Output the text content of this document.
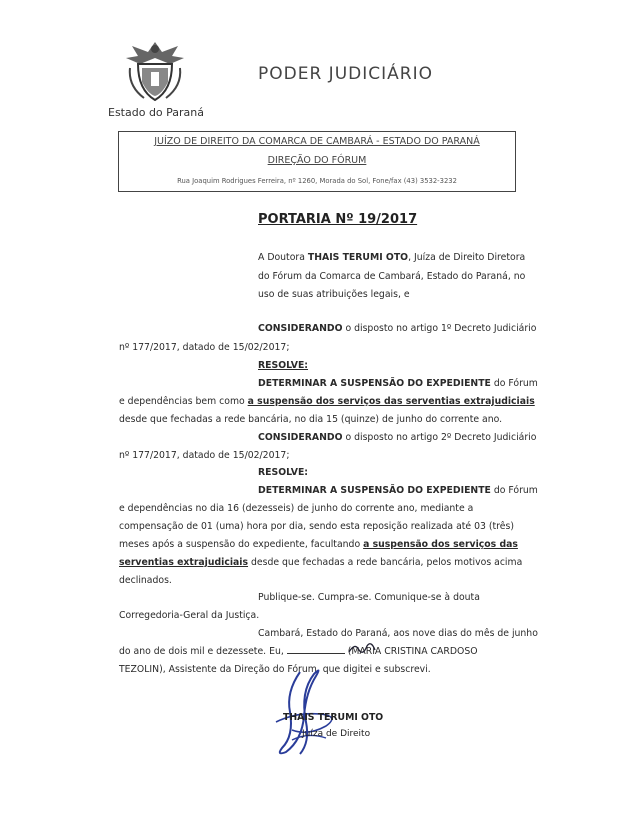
Estado do Paraná
PODER JUDICIÁRIO
JUÍZO DE DIREITO DA COMARCA DE CAMBARÁ - ESTADO DO PARANÁ
DIREÇÃO DO FÓRUM
Rua Joaquim Rodrigues Ferreira, nº 1260, Morada do Sol, Fone/fax (43) 3532-3232
PORTARIA Nº 19/2017
A Doutora THAIS TERUMI OTO, Juíza de Direito Diretora
do Fórum da Comarca de Cambará, Estado do Paraná, no
uso de suas atribuições legais, e
CONSIDERANDO o disposto no artigo 1º Decreto Judiciário
nº 177/2017, datado de 15/02/2017;
RESOLVE:
DETERMINAR A SUSPENSÃO DO EXPEDIENTE do Fórum
e dependências bem como a suspensão dos serviços das serventias extrajudiciais
desde que fechadas a rede bancária, no dia 15 (quinze) de junho do corrente ano.
CONSIDERANDO o disposto no artigo 2º Decreto Judiciário
nº 177/2017, datado de 15/02/2017;
RESOLVE:
DETERMINAR A SUSPENSÃO DO EXPEDIENTE do Fórum
e dependências no dia 16 (dezesseis) de junho do corrente ano, mediante a
compensação de 01 (uma) hora por dia, sendo esta reposição realizada até 03 (três)
meses após a suspensão do expediente, facultando a suspensão dos serviços das
serventias extrajudiciais desde que fechadas a rede bancária, pelos motivos acima
declinados.
Publique-se. Cumpra-se. Comunique-se à douta
Corregedoria-Geral da Justiça.
Cambará, Estado do Paraná, aos nove dias do mês de junho
do ano de dois mil e dezessete. Eu,	(MARIA CRISTINA CARDOSO
TEZOLIN), Assistente da Direção do Fórum, que digitei e subscrevi.
THAIS TERUMI OTO
Juíza de Direito
